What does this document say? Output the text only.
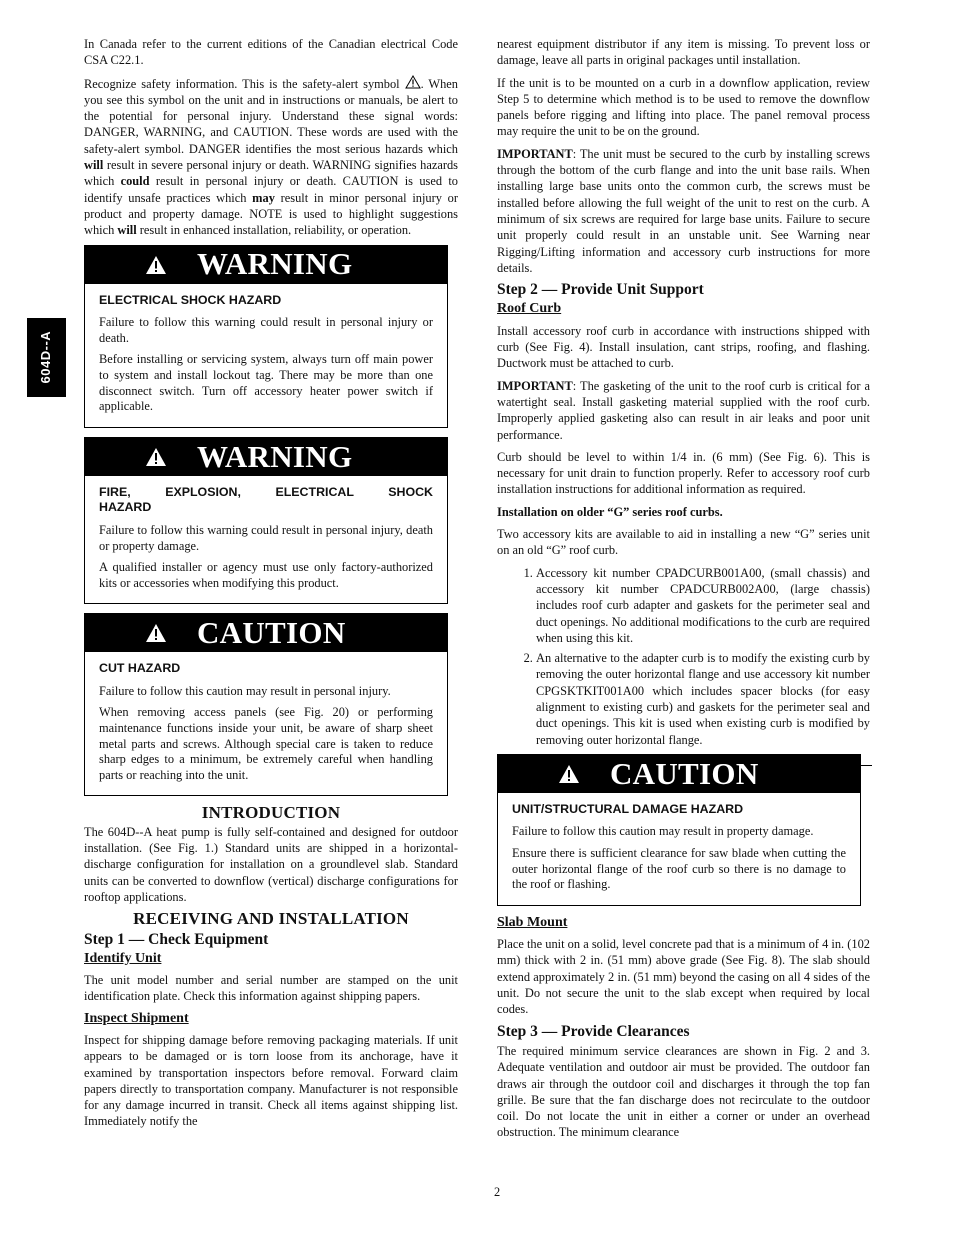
604D--A

In Canada refer to the current editions of the Canadian electrical Code CSA C22.1.

Recognize safety information. This is the safety-alert symbol . When you see this symbol on the unit and in instructions or manuals, be alert to the potential for personal injury. Understand these signal words: DANGER, WARNING, and CAUTION. These words are used with the safety-alert symbol. DANGER identifies the most serious hazards which will result in severe personal injury or death. WARNING signifies hazards which could result in personal injury or death. CAUTION is used to identify unsafe practices which may result in minor personal injury or product and property damage. NOTE is used to highlight suggestions which will result in enhanced installation, reliability, or operation.

WARNING
ELECTRICAL SHOCK HAZARD

Failure to follow this warning could result in personal injury or death.

Before installing or servicing system, always turn off main power to system and install lockout tag. There may be more than one disconnect switch. Turn off accessory heater power switch if applicable.

WARNING
FIRE, EXPLOSION, ELECTRICAL SHOCK
HAZARD

Failure to follow this warning could result in personal injury, death or property damage.

A qualified installer or agency must use only factory-authorized kits or accessories when modifying this product.

CAUTION
CUT HAZARD

Failure to follow this caution may result in personal injury.

When removing access panels (see Fig. 20) or performing maintenance functions inside your unit, be aware of sharp sheet metal parts and screws. Although special care is taken to reduce sharp edges to a minimum, be extremely careful when handling parts or reaching into the unit.

INTRODUCTION

The 604D--A heat pump is fully self-contained and designed for outdoor installation. (See Fig. 1.) Standard units are shipped in a horizontal-discharge configuration for installation on a groundlevel slab. Standard units can be converted to downflow (vertical) discharge configurations for rooftop applications.

RECEIVING AND INSTALLATION
Step 1 — Check Equipment
Identify Unit

The unit model number and serial number are stamped on the unit identification plate. Check this information against shipping papers.

Inspect Shipment

Inspect for shipping damage before removing packaging materials. If unit appears to be damaged or is torn loose from its anchorage, have it examined by transportation inspectors before removal. Forward claim papers directly to transportation company. Manufacturer is not responsible for any damage incurred in transit. Check all items against shipping list. Immediately notify the

nearest equipment distributor if any item is missing. To prevent loss or damage, leave all parts in original packages until installation.

If the unit is to be mounted on a curb in a downflow application, review Step 5 to determine which method is to be used to remove the downflow panels before rigging and lifting into place. The panel removal process may require the unit to be on the ground.

IMPORTANT: The unit must be secured to the curb by installing screws through the bottom of the curb flange and into the unit base rails. When installing large base units onto the common curb, the screws must be installed before allowing the full weight of the unit to rest on the curb. A minimum of six screws are required for large base units. Failure to secure unit properly could result in an unstable unit. See Warning near Rigging/Lifting information and accessory curb instructions for more details.

Step 2 — Provide Unit Support
Roof Curb

Install accessory roof curb in accordance with instructions shipped with curb (See Fig. 4). Install insulation, cant strips, roofing, and flashing. Ductwork must be attached to curb.

IMPORTANT: The gasketing of the unit to the roof curb is critical for a watertight seal. Install gasketing material supplied with the roof curb. Improperly applied gasketing also can result in air leaks and poor unit performance.

Curb should be level to within 1/4 in. (6 mm) (See Fig. 6). This is necessary for unit drain to function properly. Refer to accessory roof curb installation instructions for additional information as required.

Installation on older “G” series roof curbs.

Two accessory kits are available to aid in installing a new “G” series unit on an old “G” roof curb.

1. Accessory kit number CPADCURB001A00, (small chassis) and accessory kit number CPADCURB002A00, (large chassis) includes roof curb adapter and gaskets for the perimeter seal and duct openings. No additional modifications to the curb are required when using this kit.
2. An alternative to the adapter curb is to modify the existing curb by removing the outer horizontal flange and use accessory kit number CPGSKTKIT001A00 which includes spacer blocks (for easy alignment to existing curb) and gaskets for the perimeter seal and duct openings. This kit is used when existing curb is modified by removing outer horizontal flange.
CAUTION
UNIT/STRUCTURAL DAMAGE HAZARD

Failure to follow this caution may result in property damage.

Ensure there is sufficient clearance for saw blade when cutting the outer horizontal flange of the roof curb so there is no damage to the roof or flashing.

Slab Mount

Place the unit on a solid, level concrete pad that is a minimum of 4 in. (102 mm) thick with 2 in. (51 mm) above grade (See Fig. 8). The slab should extend approximately 2 in. (51 mm) beyond the casing on all 4 sides of the unit. Do not secure the unit to the slab except when required by local codes.

Step 3 — Provide Clearances

The required minimum service clearances are shown in Fig. 2 and 3. Adequate ventilation and outdoor air must be provided. The outdoor fan draws air through the outdoor coil and discharges it through the top fan grille. Be sure that the fan discharge does not recirculate to the outdoor coil. Do not locate the unit in either a corner or under an overhead obstruction. The minimum clearance

2
